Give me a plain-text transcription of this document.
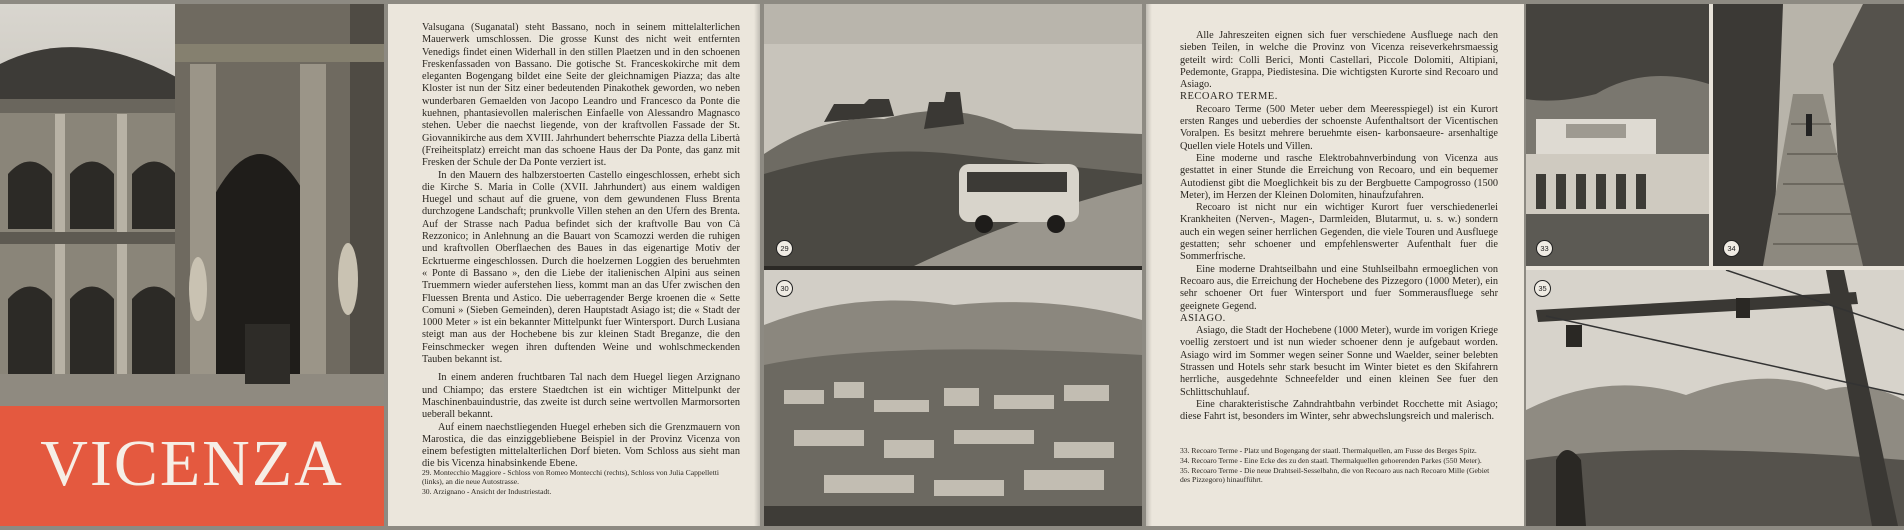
VICENZA

Valsugana (Suganatal) steht Bassano, noch in seinem mittelalterlichen Mauerwerk umschlossen. Die grosse Kunst des nicht weit entfernten Venedigs findet einen Widerhall in den stillen Plaetzen und in den schoenen Freskenfassaden von Bassano. Die gotische St. Franceskokirche mit dem eleganten Bogengang bildet eine Seite der gleichnamigen Piazza; das alte Kloster ist nun der Sitz einer bedeutenden Pinakothek geworden, wo neben wunderbaren Gemaelden von Jacopo Leandro und Francesco da Ponte die kuehnen, phantasievollen malerischen Einfaelle von Alessandro Magnasco stehen. Ueber die naechst liegende, von der kraftvollen Fassade der St. Giovannikirche aus dem XVIII. Jahrhundert beherrschte Piazza della Libertà (Freiheitsplatz) erreicht man das schoene Haus der Da Ponte, das ganz mit Fresken der Schule der Da Ponte verziert ist.

In den Mauern des halbzerstoerten Castello eingeschlossen, erhebt sich die Kirche S. Maria in Colle (XVII. Jahrhundert) aus einem waldigen Huegel und schaut auf die gruene, von dem gewundenen Fluss Brenta durchzogene Landschaft; prunkvolle Villen stehen an den Ufern des Brenta. Auf der Strasse nach Padua befindet sich der kraftvolle Bau von Cà Rezzonico; in Anlehnung an die Bauart von Scamozzi werden die ruhigen und kraftvollen Oberflaechen des Baues in das eigenartige Motiv der Eckrtuerme eingeschlossen. Durch die hoelzernen Loggien des beruehmten « Ponte di Bassano », den die Liebe der italienischen Alpini aus seinen Truemmern wieder auferstehen liess, kommt man an das Ufer zwischen den Fluessen Brenta und Astico. Die ueberragender Berge kroenen die « Sette Comuni » (Sieben Gemeinden), deren Hauptstadt Asiago ist; die « Stadt der 1000 Meter » ist ein bekannter Mittelpunkt fuer Wintersport. Durch Lusiana steigt man aus der Hochebene bis zur kleinen Stadt Breganze, die den Feinschmecker wegen ihren duftenden Weine und wohlschmeckenden Tauben bekannt ist.

In einem anderen fruchtbaren Tal nach dem Huegel liegen Arzignano und Chiampo; das erstere Staedtchen ist ein wichtiger Mittelpunkt der Maschinenbauindustrie, das zweite ist durch seine wertvollen Marmorsorten ueberall bekannt.

Auf einem naechstliegenden Huegel erheben sich die Grenzmauern von Marostica, die das einziggebliebene Beispiel in der Provinz Vicenza von einem befestigten mittelalterlichen Dorf bieten. Vom Schloss aus sieht man die bis Vicenza hinabsinkende Ebene.

29. Montecchio Maggiore - Schloss von Romeo Montecchi (rechts), Schloss von Julia Cappelletti (links), an die neue Autostrasse.
30. Arzignano - Ansicht der Industriestadt.
29
30

Alle Jahreszeiten eignen sich fuer verschiedene Ausfluege nach den sieben Teilen, in welche die Provinz von Vicenza reiseverkehrsmaessig geteilt wird: Colli Berici, Monti Castellari, Piccole Dolomiti, Altipiani, Pedemonte, Grappa, Piedistesina. Die wichtigsten Kurorte sind Recoaro und Asiago.

RECOARO TERME.

Recoaro Terme (500 Meter ueber dem Meeresspiegel) ist ein Kurort ersten Ranges und ueberdies der schoenste Aufenthaltsort der Vicentischen Voralpen. Es besitzt mehrere beruehmte eisen- karbonsaeure- arsenhaltige Quellen viele Hotels und Villen.

Eine moderne und rasche Elektrobahnverbindung von Vicenza aus gestattet in einer Stunde die Erreichung von Recoaro, und ein bequemer Autodienst gibt die Moeglichkeit bis zu der Bergbuette Campogrosso (1500 Meter), im Herzen der Kleinen Dolomiten, hinaufzufahren.

Recoaro ist nicht nur ein wichtiger Kurort fuer verschiedenerlei Krankheiten (Nerven-, Magen-, Darmleiden, Blutarmut, u. s. w.) sondern auch ein wegen seiner herrlichen Gegenden, die viele Touren und Ausfluege gestatten; sehr schoener und empfehlenswerter Aufenthalt fuer die Sommerfrische.

Eine moderne Drahtseilbahn und eine Stuhlseilbahn ermoeglichen von Recoaro aus, die Erreichung der Hochebene des Pizzegoro (1000 Meter), ein sehr schoener Ort fuer Wintersport und fuer Sommerausfluege sehr geeignete Gegend.

ASIAGO.

Asiago, die Stadt der Hochebene (1000 Meter), wurde im vorigen Kriege voellig zerstoert und ist nun wieder schoener denn je aufgebaut worden. Asiago wird im Sommer wegen seiner Sonne und Waelder, seiner belebten Strassen und Hotels sehr stark besucht im Winter bietet es den Skifahrern herrliche, ausgedehnte Schneefelder und einen kleinen See fuer den Schlittschuhlauf.

Eine charakteristische Zahndrahtbahn verbindet Rocchette mit Asiago; diese Fahrt ist, besonders im Winter, sehr abwechslungsreich und malerisch.

33. Recoaro Terme - Platz und Bogengang der staatl. Thermalquellen, am Fusse des Berges Spitz.
34. Recoaro Terme - Eine Ecke des zu den staatl. Thermalquellen gehoerenden Parkes (550 Meter).
35. Recoaro Terme - Die neue Drahtseil-Sesselbahn, die von Recoaro aus nach Recoaro Mille (Gebiet des Pizzegoro) hinaufführt.
33	34
35
